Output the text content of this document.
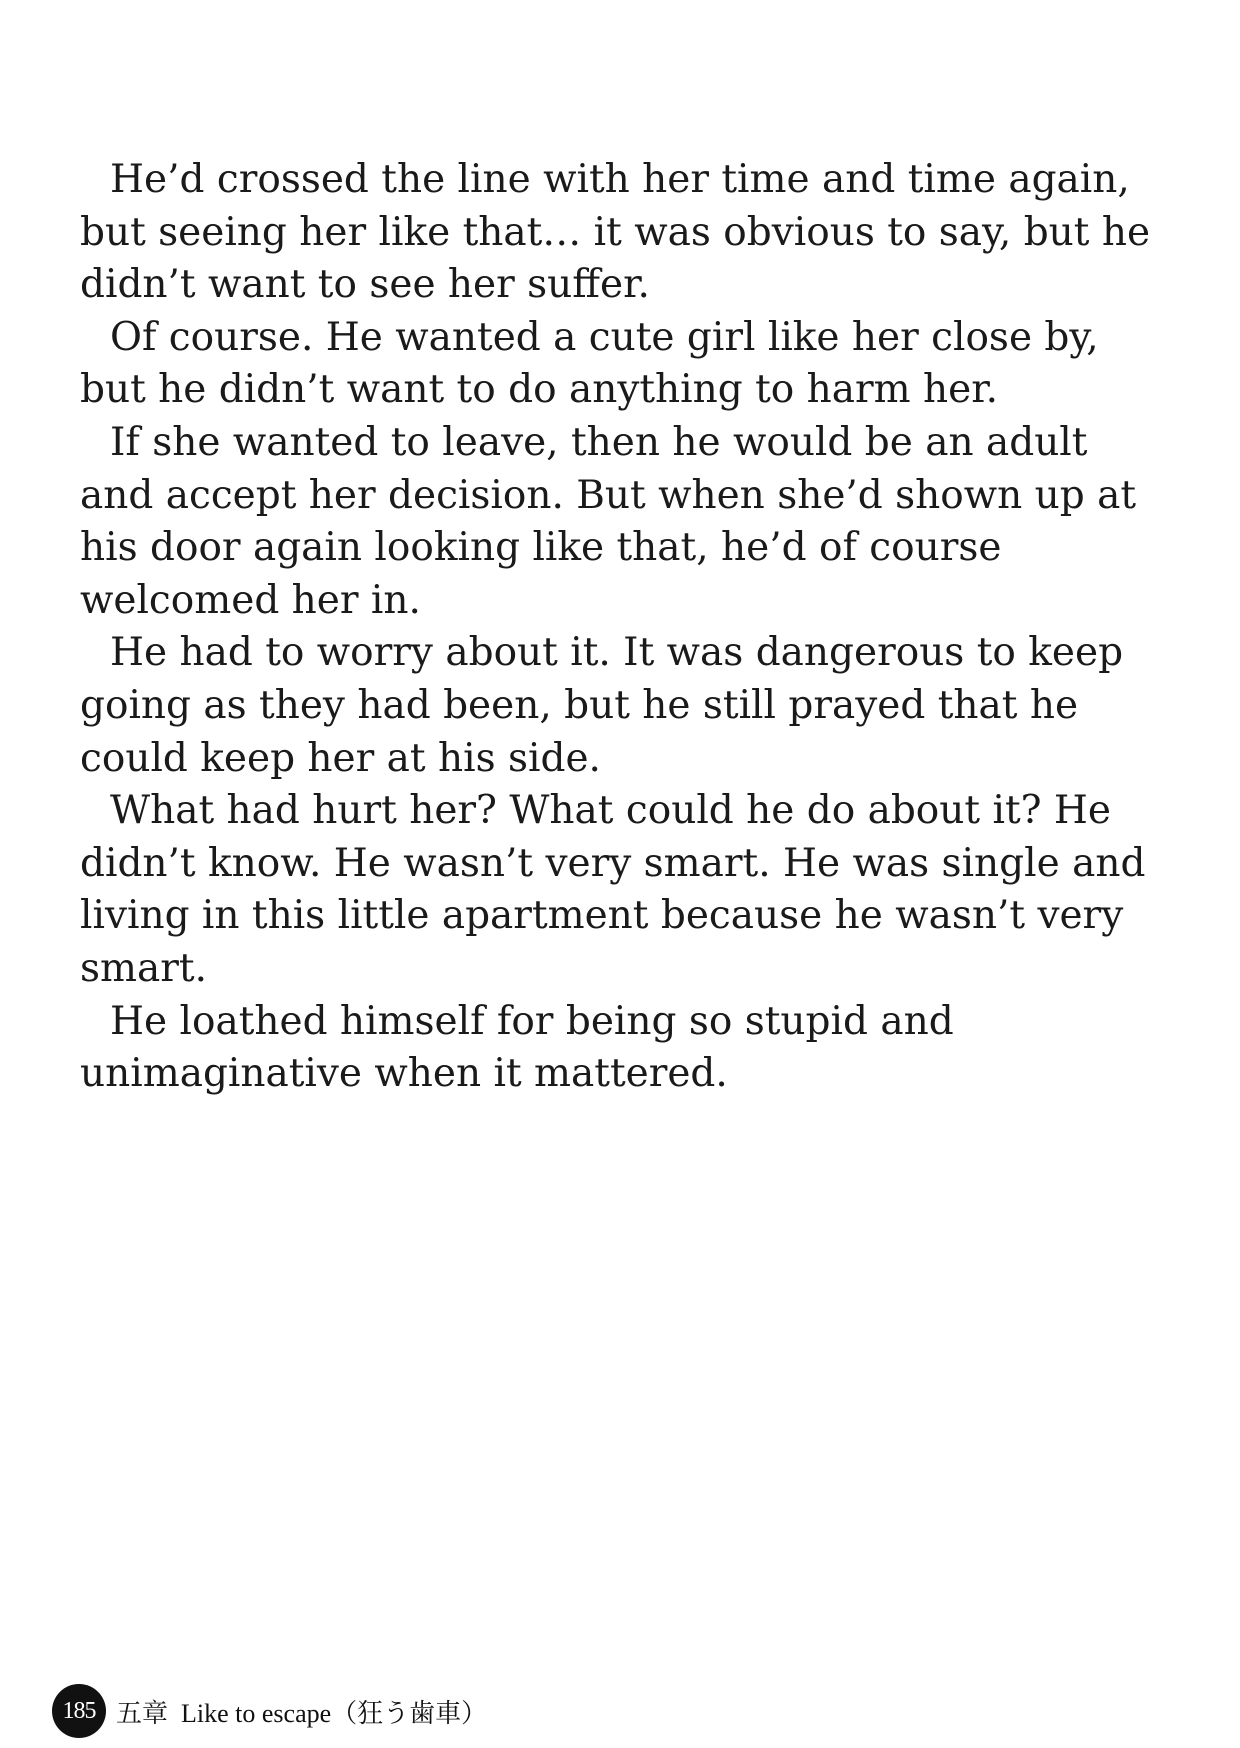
He’d crossed the line with her time and time again, but seeing her like that… it was obvious to say, but he didn’t want to see her suffer.

Of course. He wanted a cute girl like her close by, but he didn’t want to do anything to harm her.

If she wanted to leave, then he would be an adult and accept her decision. But when she’d shown up at his door again looking like that, he’d of course welcomed her in.

He had to worry about it. It was dangerous to keep going as they had been, but he still prayed that he could keep her at his side.

What had hurt her? What could he do about it? He didn’t know. He wasn’t very smart. He was single and living in this little apartment because he wasn’t very smart.

He loathed himself for being so stupid and unimaginative when it mattered.

185 五章  Like to escape（狂う歯車）
